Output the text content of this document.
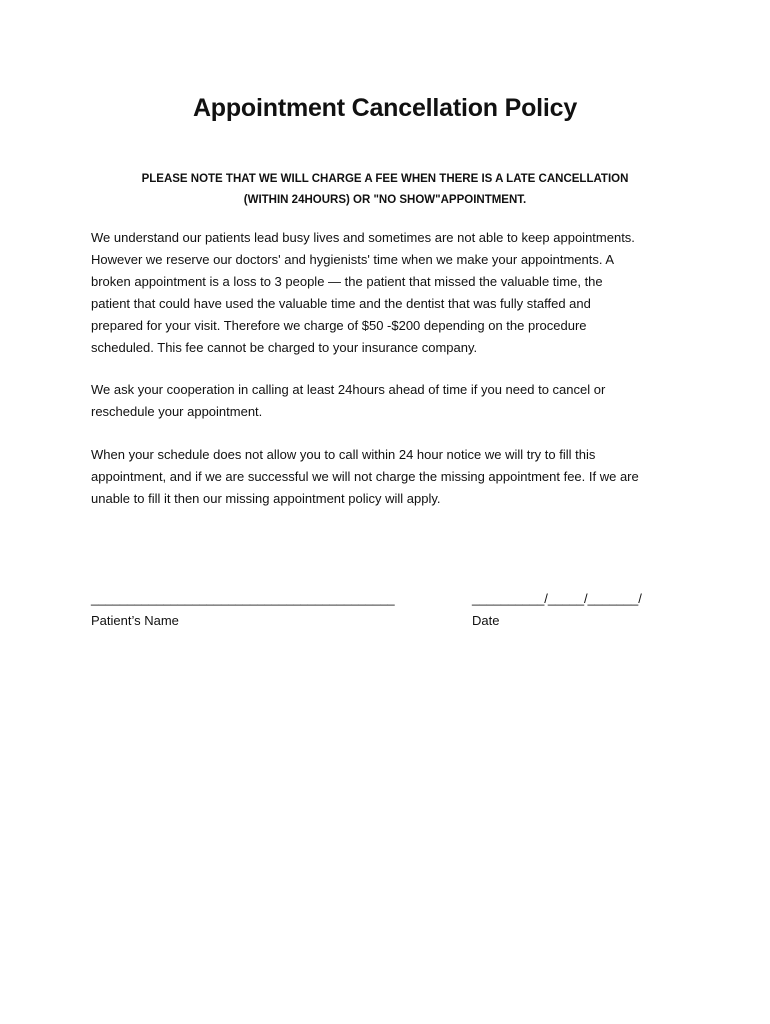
Appointment Cancellation Policy
PLEASE NOTE THAT WE WILL CHARGE A FEE WHEN THERE IS A LATE CANCELLATION
(WITHIN 24HOURS) OR "NO SHOW"APPOINTMENT.
We understand our patients lead busy lives and sometimes are not able to keep appointments.
However we reserve our doctors' and hygienists' time when we make your appointments. A
broken appointment is a loss to 3 people — the patient that missed the valuable time, the
patient that could have used the valuable time and the dentist that was fully staffed and
prepared for your visit. Therefore we charge of $50 -$200 depending on the procedure
scheduled. This fee cannot be charged to your insurance company.
We ask your cooperation in calling at least 24hours ahead of time if you need to cancel or
reschedule your appointment.
When your schedule does not allow you to call within 24 hour notice we will try to fill this
appointment, and if we are successful we will not charge the missing appointment fee. If we are
unable to fill it then our missing appointment policy will apply.
__________________________________________	__________/_____/_______/
Patient’s Name	Date
